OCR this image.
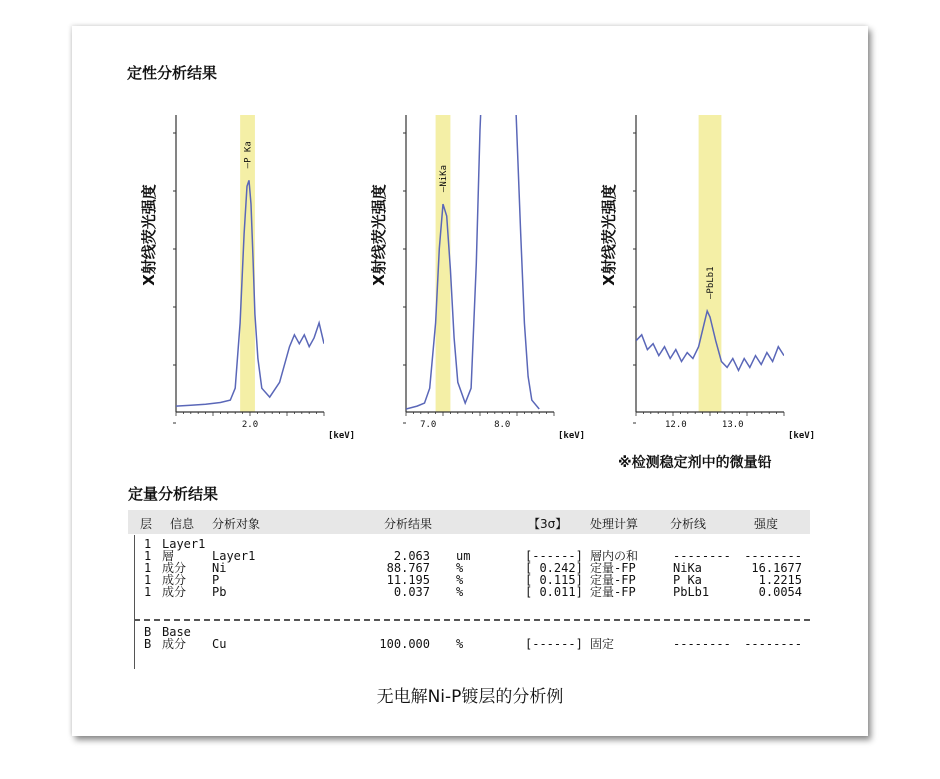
定性分析结果
2.0
[keV]
X射线荧光强度
—P Ka
7.0	8.0
[keV]
X射线荧光强度
—NiKa
12.0	13.0
[keV]
X射线荧光强度	—PbLb1
※检测稳定剂中的微量铅
定量分析结果
层 信息 分析对象	分析结果	【3σ】 处理计算	分析线	强度
1 Layer1
1 層	Layer1	2.063 um	[------] 層内の和	-------- --------
1 成分 Ni	88.767 %	[ 0.242] 定量-FP	NiKa	16.1677
1 成分 P	11.195 %	[ 0.115] 定量-FP	P Ka	1.2215
1 成分 Pb	0.037 %	[ 0.011] 定量-FP	PbLb1	0.0054
B Base
B 成分 Cu	100.000 %	[------] 固定	-------- --------
无电解Ni-P镀层的分析例
